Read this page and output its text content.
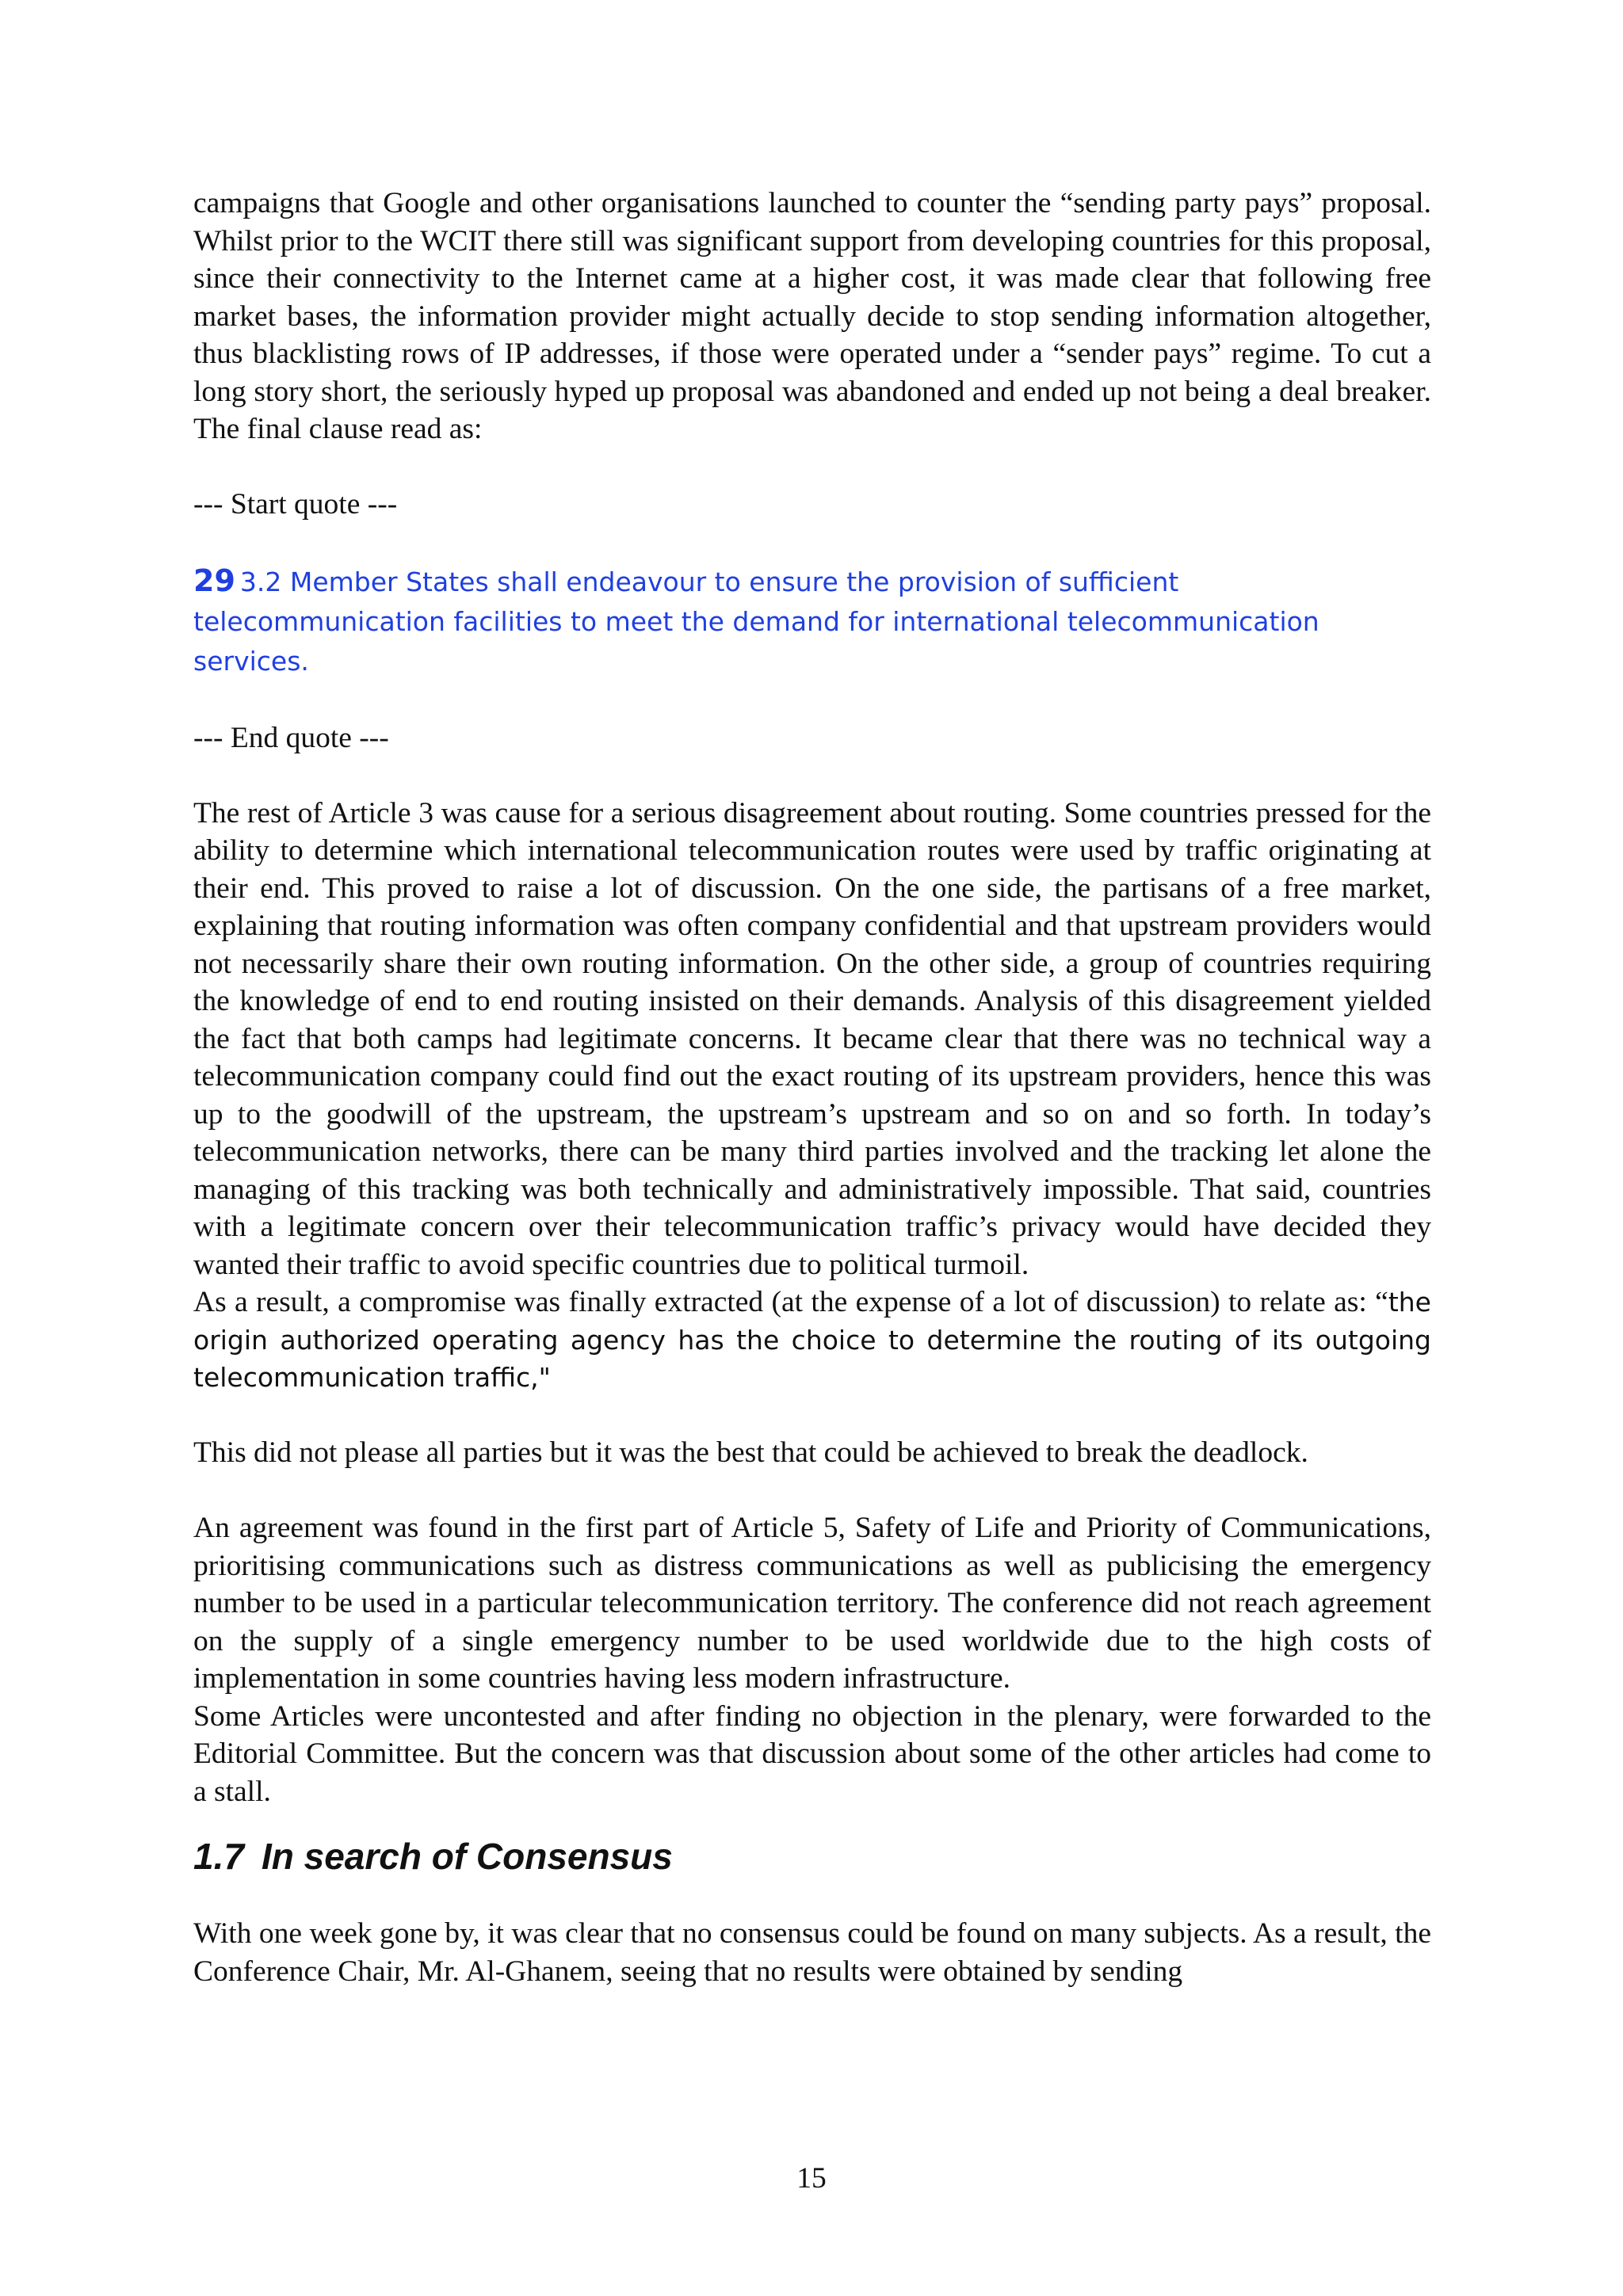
campaigns that Google and other organisations launched to counter the “sending party pays” proposal. Whilst prior to the WCIT there still was significant support from developing countries for this proposal, since their connectivity to the Internet came at a higher cost, it was made clear that following free market bases, the information provider might actually decide to stop sending information altogether, thus blacklisting rows of IP addresses, if those were operated under a “sender pays” regime. To cut a long story short, the seriously hyped up proposal was abandoned and ended up not being a deal breaker. The final clause read as:

--- Start quote ---

29 3.2 Member States shall endeavour to ensure the provision of sufficient telecommunication facilities to meet the demand for international telecommunication services.

--- End quote ---

The rest of Article 3 was cause for a serious disagreement about routing. Some countries pressed for the ability to determine which international telecommunication routes were used by traffic originating at their end. This proved to raise a lot of discussion. On the one side, the partisans of a free market, explaining that routing information was often company confidential and that upstream providers would not necessarily share their own routing information. On the other side, a group of countries requiring the knowledge of end to end routing insisted on their demands. Analysis of this disagreement yielded the fact that both camps had legitimate concerns. It became clear that there was no technical way a telecommunication company could find out the exact routing of its upstream providers, hence this was up to the goodwill of the upstream, the upstream’s upstream and so on and so forth. In today’s telecommunication networks, there can be many third parties involved and the tracking let alone the managing of this tracking was both technically and administratively impossible. That said, countries with a legitimate concern over their telecommunication traffic’s privacy would have decided they wanted their traffic to avoid specific countries due to political turmoil.

As a result, a compromise was finally extracted (at the expense of a lot of discussion) to relate as: “the origin authorized operating agency has the choice to determine the routing of its outgoing telecommunication traffic,"

This did not please all parties but it was the best that could be achieved to break the deadlock.

An agreement was found in the first part of Article 5, Safety of Life and Priority of Communications, prioritising communications such as distress communications as well as publicising the emergency number to be used in a particular telecommunication territory. The conference did not reach agreement on the supply of a single emergency number to be used worldwide due to the high costs of implementation in some countries having less modern infrastructure.

Some Articles were uncontested and after finding no objection in the plenary, were forwarded to the Editorial Committee. But the concern was that discussion about some of the other articles had come to a stall.

1.7 In search of Consensus

With one week gone by, it was clear that no consensus could be found on many subjects. As a result, the Conference Chair, Mr. Al-Ghanem, seeing that no results were obtained by sending

15
